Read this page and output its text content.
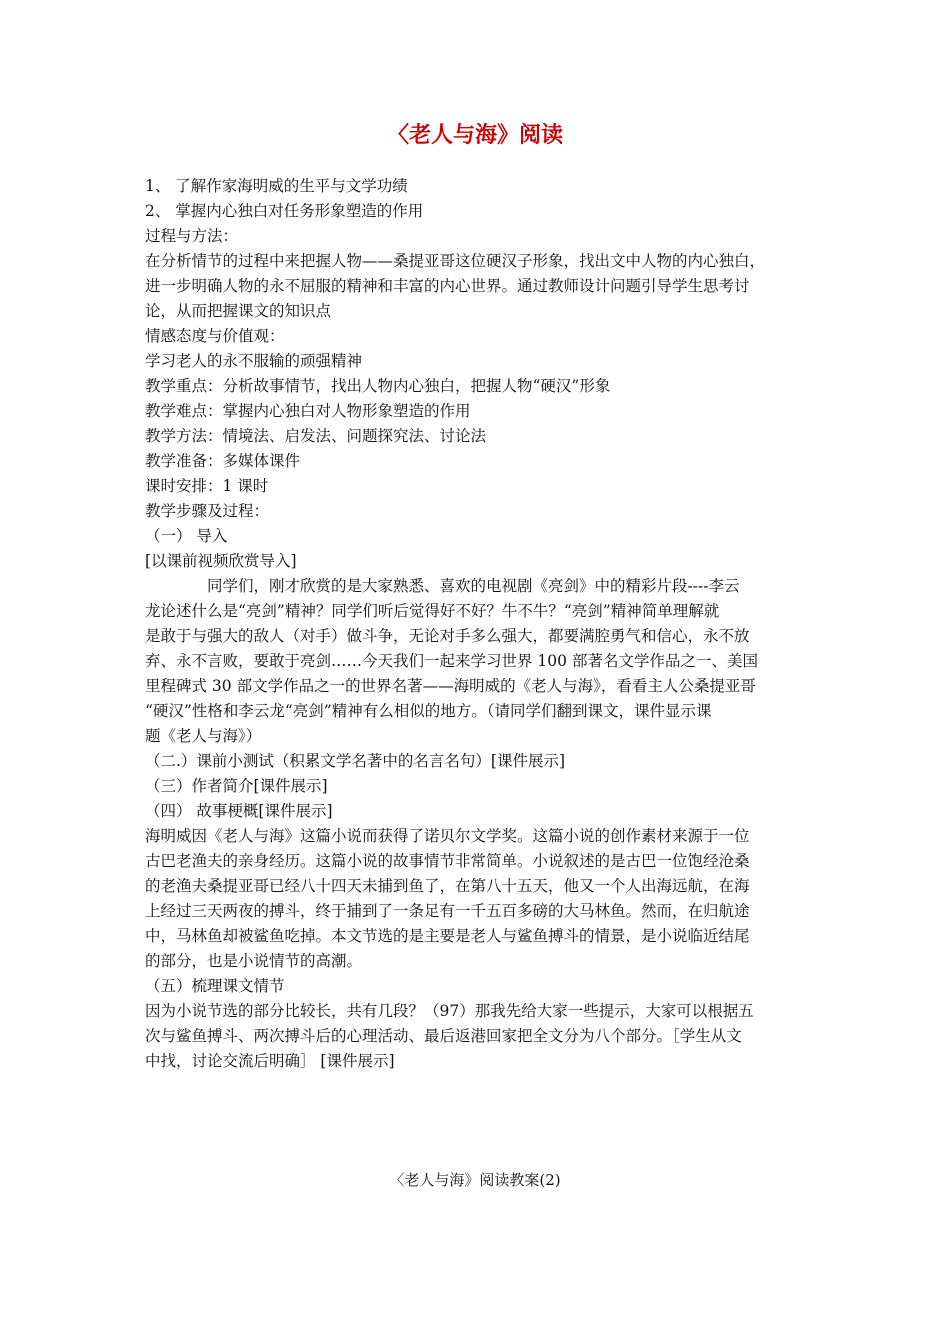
〈老人与海》阅读
1、 了解作家海明威的生平与文学功绩
2、 掌握内心独白对任务形象塑造的作用
过程与方法：
在分析情节的过程中来把握人物——桑提亚哥这位硬汉子形象，找出文中人物的内心独白，
进一步明确人物的永不屈服的精神和丰富的内心世界。通过教师设计问题引导学生思考讨
论，从而把握课文的知识点
情感态度与价值观：
学习老人的永不服输的顽强精神
教学重点：分析故事情节，找出人物内心独白，把握人物“硬汉”形象
教学难点：掌握内心独白对人物形象塑造的作用
教学方法：情境法、启发法、问题探究法、讨论法
教学准备：多媒体课件
课时安排：1 课时
教学步骤及过程：
（一） 导入
[以课前视频欣赏导入]
同学们，刚才欣赏的是大家熟悉、喜欢的电视剧《亮剑》中的精彩片段----李云
龙论述什么是“亮剑”精神？同学们听后觉得好不好？牛不牛？“亮剑”精神简单理解就
是敢于与强大的敌人（对手）做斗争，无论对手多么强大，都要满腔勇气和信心，永不放
弃、永不言败，要敢于亮剑……今天我们一起来学习世界 100 部著名文学作品之一、美国
里程碑式 30 部文学作品之一的世界名著——海明威的《老人与海》，看看主人公桑提亚哥
“硬汉”性格和李云龙“亮剑”精神有么相似的地方。（请同学们翻到课文，课件显示课
题《老人与海》）
（二.）课前小测试（积累文学名著中的名言名句）[课件展示]
（三）作者简介[课件展示]
（四） 故事梗概[课件展示]
海明威因《老人与海》这篇小说而获得了诺贝尔文学奖。这篇小说的创作素材来源于一位
古巴老渔夫的亲身经历。这篇小说的故事情节非常简单。小说叙述的是古巴一位饱经沧桑
的老渔夫桑提亚哥已经八十四天未捕到鱼了，在第八十五天，他又一个人出海远航，在海
上经过三天两夜的搏斗，终于捕到了一条足有一千五百多磅的大马林鱼。然而，在归航途
中，马林鱼却被鲨鱼吃掉。本文节选的是主要是老人与鲨鱼搏斗的情景，是小说临近结尾
的部分，也是小说情节的高潮。
（五）梳理课文情节
因为小说节选的部分比较长，共有几段？（97）那我先给大家一些提示，大家可以根据五
次与鲨鱼搏斗、两次搏斗后的心理活动、最后返港回家把全文分为八个部分。［学生从文
中找，讨论交流后明确］ [课件展示]
〈老人与海》阅读教案(2)
